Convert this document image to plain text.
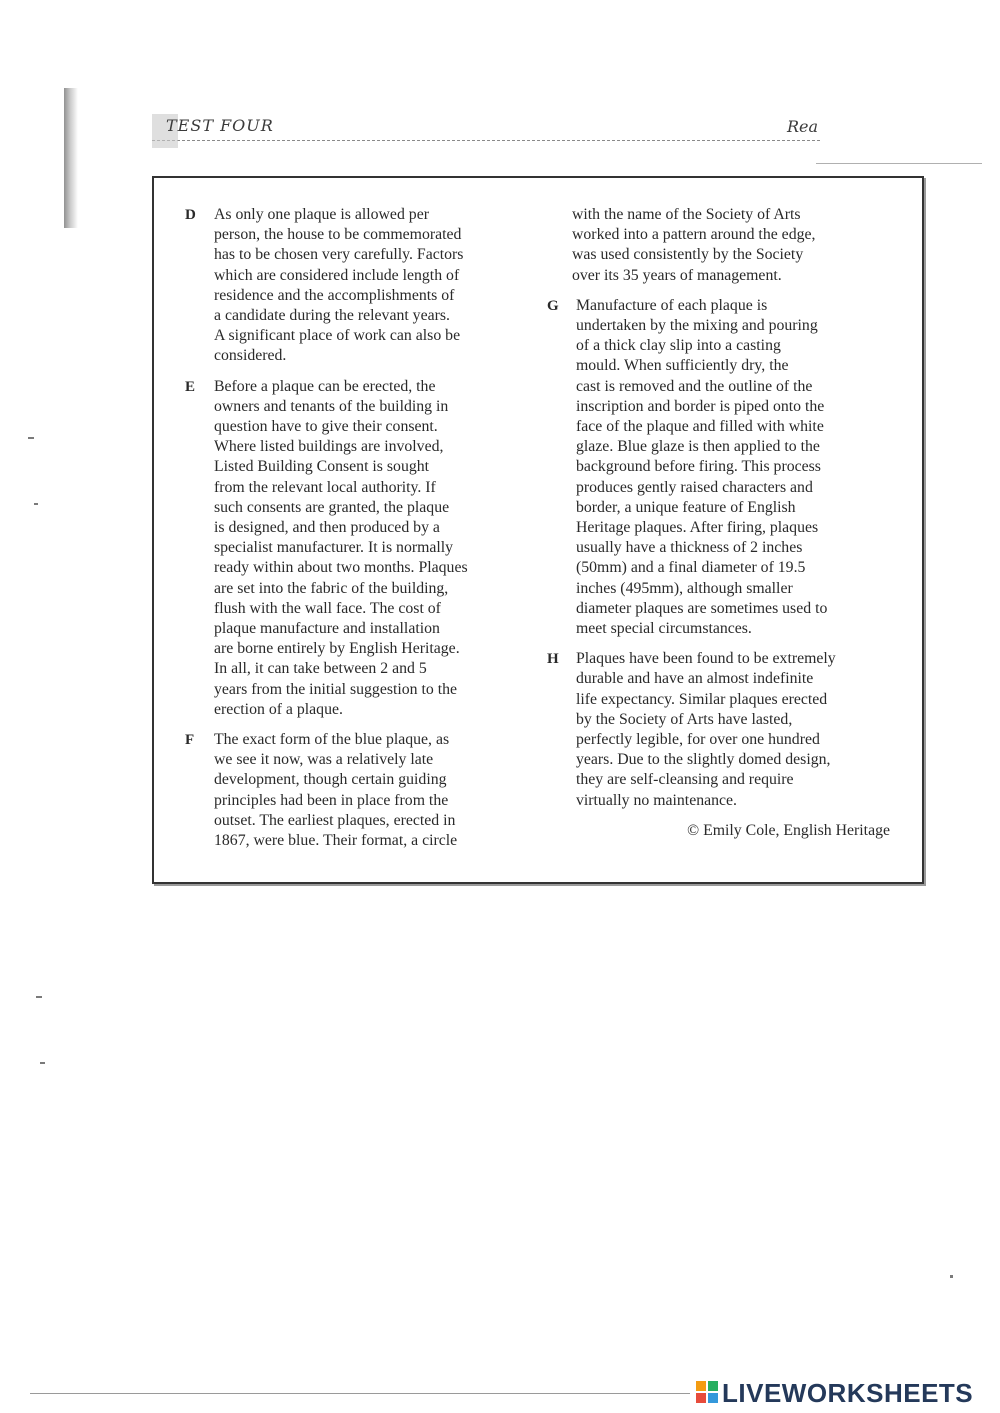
TEST FOUR	Rea
D As only one plaque is allowed per
person, the house to be commemorated
has to be chosen very carefully. Factors
which are considered include length of
residence and the accomplishments of
a candidate during the relevant years.
A significant place of work can also be
considered.
E Before a plaque can be erected, the
owners and tenants of the building in
question have to give their consent.
Where listed buildings are involved,
Listed Building Consent is sought
from the relevant local authority. If
such consents are granted, the plaque
is designed, and then produced by a
specialist manufacturer. It is normally
ready within about two months. Plaques
are set into the fabric of the building,
flush with the wall face. The cost of
plaque manufacture and installation
are borne entirely by English Heritage.
In all, it can take between 2 and 5
years from the initial suggestion to the
erection of a plaque.
F The exact form of the blue plaque, as
we see it now, was a relatively late
development, though certain guiding
principles had been in place from the
outset. The earliest plaques, erected in
1867, were blue. Their format, a circle
with the name of the Society of Arts
worked into a pattern around the edge,
was used consistently by the Society
over its 35 years of management.
G Manufacture of each plaque is
undertaken by the mixing and pouring
of a thick clay slip into a casting
mould. When sufficiently dry, the
cast is removed and the outline of the
inscription and border is piped onto the
face of the plaque and filled with white
glaze. Blue glaze is then applied to the
background before firing. This process
produces gently raised characters and
border, a unique feature of English
Heritage plaques. After firing, plaques
usually have a thickness of 2 inches
(50mm) and a final diameter of 19.5
inches (495mm), although smaller
diameter plaques are sometimes used to
meet special circumstances.
H Plaques have been found to be extremely
durable and have an almost indefinite
life expectancy. Similar plaques erected
by the Society of Arts have lasted,
perfectly legible, for over one hundred
years. Due to the slightly domed design,
they are self-cleansing and require
virtually no maintenance.
© Emily Cole, English Heritage
LIVEWORKSHEETS
